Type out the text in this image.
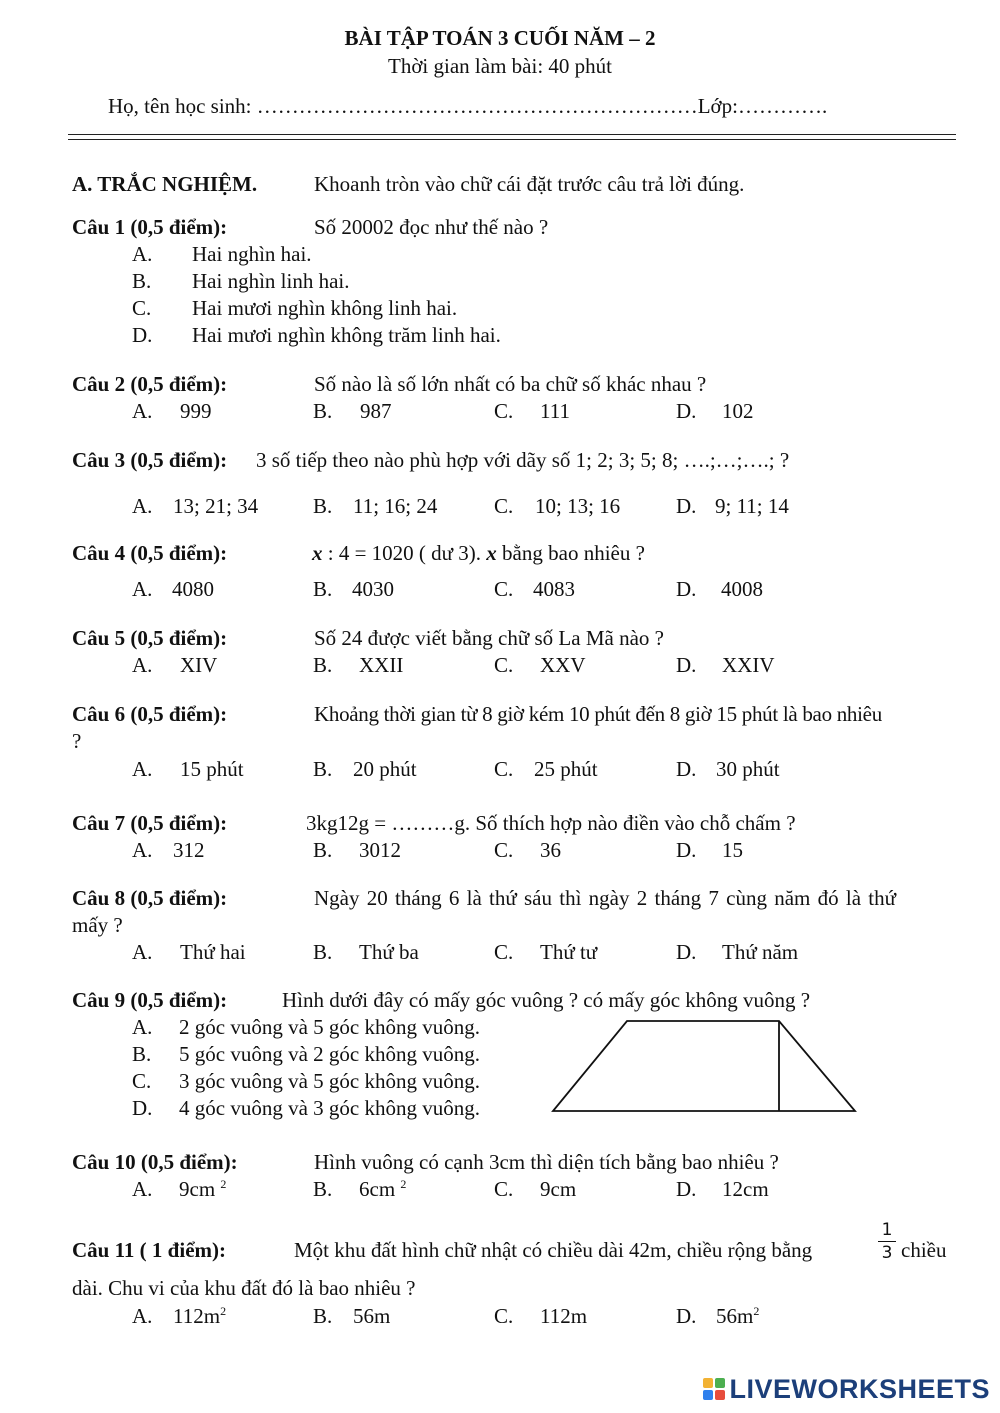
BÀI TẬP TOÁN 3 CUỐI NĂM – 2
Thời gian làm bài: 40 phút
Họ, tên học sinh: ………………………………………………………Lớp:………….
A. TRẮC NGHIỆM.	Khoanh tròn vào chữ cái đặt trước câu trả lời đúng.
Câu 1 (0,5 điểm):	Số 20002 đọc như thế nào ?
A. Hai nghìn hai.
B. Hai nghìn linh hai.
C. Hai mươi nghìn không linh hai.
D. Hai mươi nghìn không trăm linh hai.
Câu 2 (0,5 điểm):	Số nào là số lớn nhất có ba chữ số khác nhau ?
A. 999	B. 987	C. 111	D. 102
Câu 3 (0,5 điểm): 3 số tiếp theo nào phù hợp với dãy số 1; 2; 3; 5; 8; ….;…;….; ?
A. 13; 21; 34	B. 11; 16; 24	C. 10; 13; 16	D. 9; 11; 14
Câu 4 (0,5 điểm):	x : 4 = 1020 ( dư 3). x bằng bao nhiêu ?
A. 4080	B. 4030	C. 4083	D. 4008
Câu 5 (0,5 điểm):	Số 24 được viết bằng chữ số La Mã nào ?
A. XIV	B. XXII	C. XXV	D. XXIV
Câu 6 (0,5 điểm):	Khoảng thời gian từ 8 giờ kém 10 phút đến 8 giờ 15 phút là bao nhiêu
?
A. 15 phút	B. 20 phút	C. 25 phút	D. 30 phút
Câu 7 (0,5 điểm):	3kg12g = ………g. Số thích hợp nào điền vào chỗ chấm ?
A. 312	B. 3012	C. 36	D. 15
Câu 8 (0,5 điểm):	Ngày 20 tháng 6 là thứ sáu thì ngày 2 tháng 7 cùng năm đó là thứ
mấy ?
A. Thứ hai	B. Thứ ba	C. Thứ tư	D. Thứ năm
Câu 9 (0,5 điểm):	Hình dưới đây có mấy góc vuông ? có mấy góc không vuông ?
A. 2 góc vuông và 5 góc không vuông.
B. 5 góc vuông và 2 góc không vuông.
C. 3 góc vuông và 5 góc không vuông.
D. 4 góc vuông và 3 góc không vuông.
Câu 10 (0,5 điểm):	Hình vuông có cạnh 3cm thì diện tích bằng bao nhiêu ?
A. 9cm $^2$	B. 6cm $^2$	C. 9cm	D. 12cm
Câu 11 ( 1 điểm):	Một khu đất hình chữ nhật có chiều dài 42m, chiều rộng bằng
1
3 chiều
dài. Chu vi của khu đất đó là bao nhiêu ?
A. $112m^2$	B. 56m	C. 112m	D. $56m^2$
LIVEWORKSHEETS
